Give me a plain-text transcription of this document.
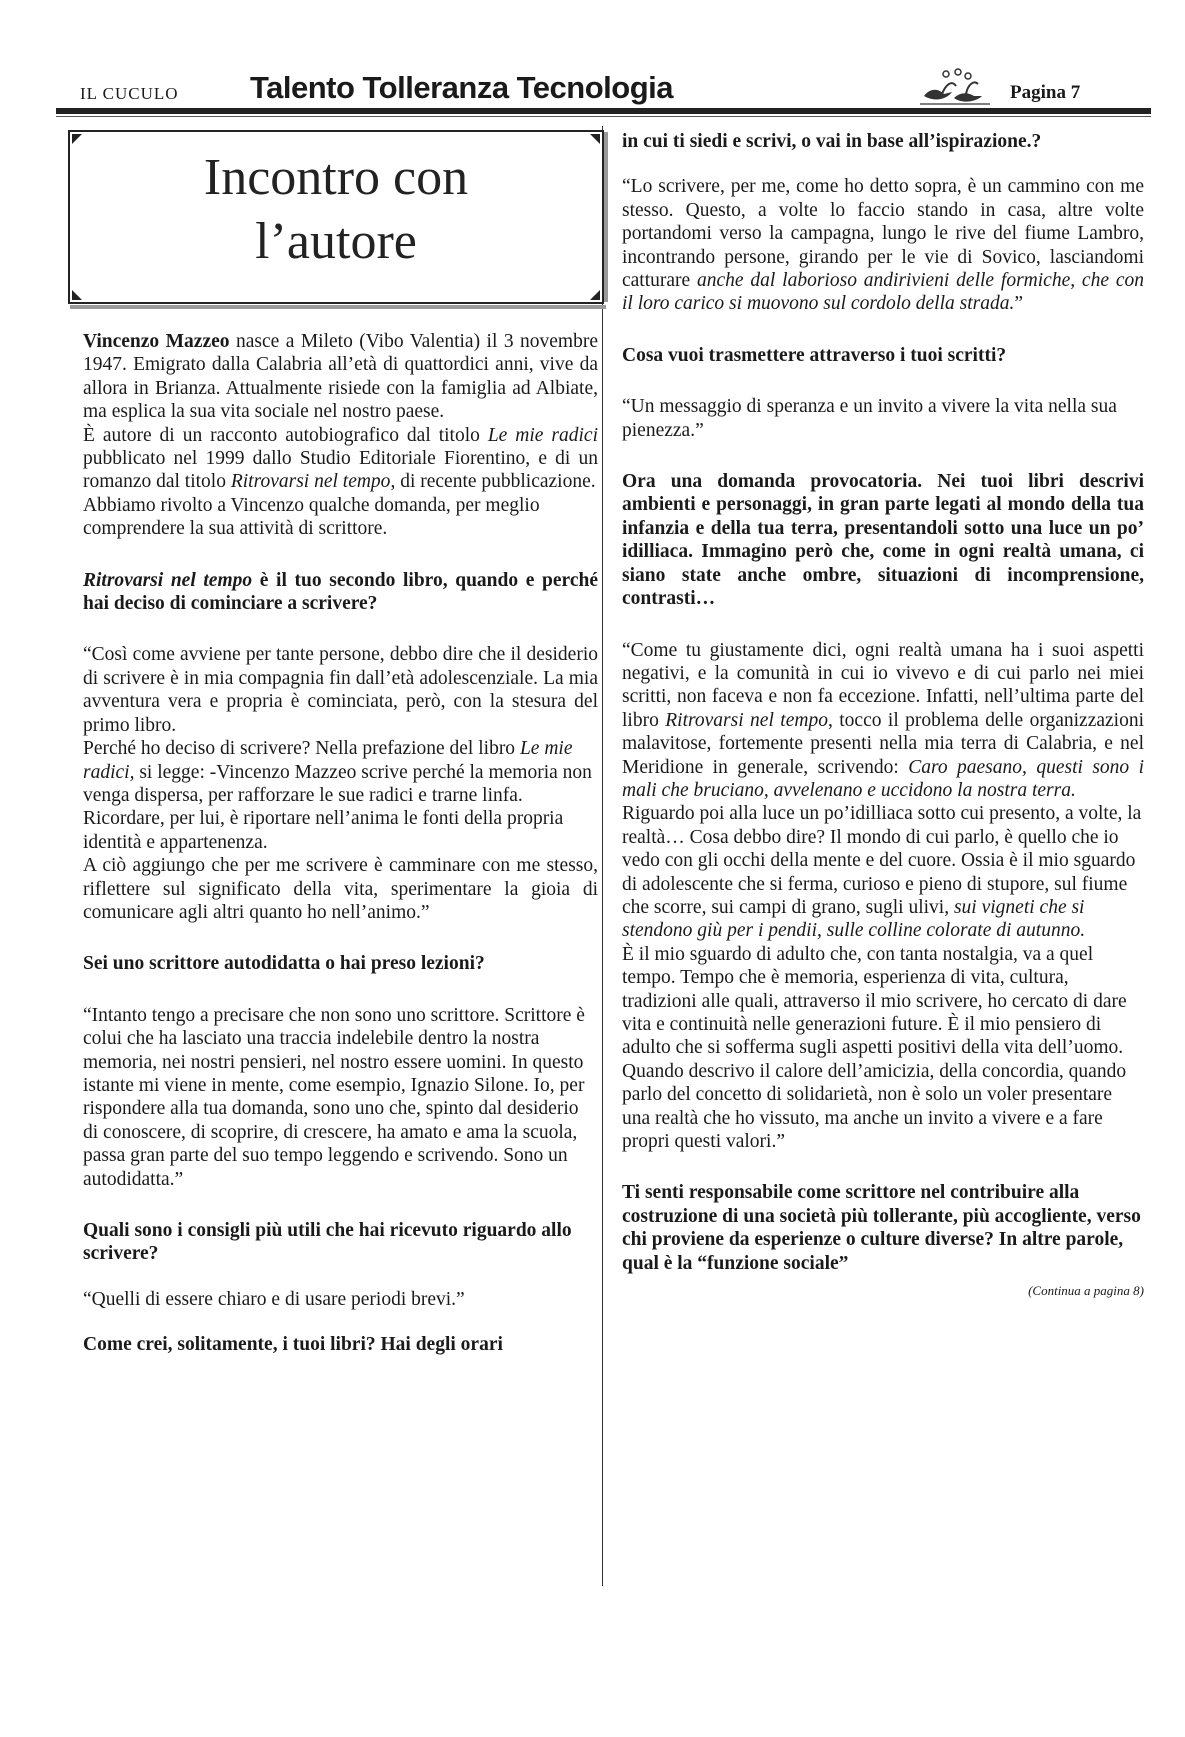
IL CUCULO Talento Tolleranza Tecnologia	Pagina 7
Incontro con
l’autore

Vincenzo Mazzeo nasce a Mileto (Vibo Valentia) il 3 novembre 1947. Emigrato dalla Calabria all’età di quattordici anni, vive da allora in Brianza. Attualmente risiede con la famiglia ad Albiate, ma esplica la sua vita sociale nel nostro paese.

È autore di un racconto autobiografico dal titolo Le mie radici pubblicato nel 1999 dallo Studio Editoriale Fiorentino, e di un romanzo dal titolo Ritrovarsi nel tempo, di recente pubblicazione.

Abbiamo rivolto a Vincenzo qualche domanda, per meglio comprendere la sua attività di scrittore.

Ritrovarsi nel tempo è il tuo secondo libro, quando e perché hai deciso di cominciare a scrivere?

“Così come avviene per tante persone, debbo dire che il desiderio di scrivere è in mia compagnia fin dall’età adolescenziale. La mia avventura vera e propria è cominciata, però, con la stesura del primo libro.

Perché ho deciso di scrivere? Nella prefazione del libro Le mie radici, si legge: -Vincenzo Mazzeo scrive perché la memoria non venga dispersa, per rafforzare le sue radici e trarne linfa. Ricordare, per lui, è riportare nell’anima le fonti della propria identità e appartenenza.

A ciò aggiungo che per me scrivere è camminare con me stesso, riflettere sul significato della vita, sperimentare la gioia di comunicare agli altri quanto ho nell’animo.”

Sei uno scrittore autodidatta o hai preso lezioni?

“Intanto tengo a precisare che non sono uno scrittore. Scrittore è colui che ha lasciato una traccia indelebile dentro la nostra memoria, nei nostri pensieri, nel nostro essere uomini. In questo istante mi viene in mente, come esempio, Ignazio Silone. Io, per rispondere alla tua domanda, sono uno che, spinto dal desiderio di conoscere, di scoprire, di crescere, ha amato e ama la scuola, passa gran parte del suo tempo leggendo e scrivendo. Sono un autodidatta.”

Quali sono i consigli più utili che hai ricevuto riguardo allo scrivere?

“Quelli di essere chiaro e di usare periodi brevi.”

Come crei, solitamente, i tuoi libri? Hai degli orari

in cui ti siedi e scrivi, o vai in base all’ispirazione.?

“Lo scrivere, per me, come ho detto sopra, è un cammino con me stesso. Questo, a volte lo faccio stando in casa, altre volte portandomi verso la campagna, lungo le rive del fiume Lambro, incontrando persone, girando per le vie di Sovico, lasciandomi catturare anche dal laborioso andirivieni delle formiche, che con il loro carico si muovono sul cordolo della strada.”

Cosa vuoi trasmettere attraverso i tuoi scritti?

“Un messaggio di speranza e un invito a vivere la vita nella sua pienezza.”

Ora una domanda provocatoria. Nei tuoi libri descrivi ambienti e personaggi, in gran parte legati al mondo della tua infanzia e della tua terra, presentandoli sotto una luce un po’ idilliaca. Immagino però che, come in ogni realtà umana, ci siano state anche ombre, situazioni di incomprensione, contrasti…

“Come tu giustamente dici, ogni realtà umana ha i suoi aspetti negativi, e la comunità in cui io vivevo e di cui parlo nei miei scritti, non faceva e non fa eccezione. Infatti, nell’ultima parte del libro Ritrovarsi nel tempo, tocco il problema delle organizzazioni malavitose, fortemente presenti nella mia terra di Calabria, e nel Meridione in generale, scrivendo: Caro paesano, questi sono i mali che bruciano, avvelenano e uccidono la nostra terra.

Riguardo poi alla luce un po’idilliaca sotto cui presento, a volte, la realtà… Cosa debbo dire? Il mondo di cui parlo, è quello che io vedo con gli occhi della mente e del cuore. Ossia è il mio sguardo di adolescente che si ferma, curioso e pieno di stupore, sul fiume che scorre, sui campi di grano, sugli ulivi, sui vigneti che si stendono giù per i pendii, sulle colline colorate di autunno.

È il mio sguardo di adulto che, con tanta nostalgia, va a quel tempo. Tempo che è memoria, esperienza di vita, cultura, tradizioni alle quali, attraverso il mio scrivere, ho cercato di dare vita e continuità nelle generazioni future. È il mio pensiero di adulto che si sofferma sugli aspetti positivi della vita dell’uomo. Quando descrivo il calore dell’amicizia, della concordia, quando parlo del concetto di solidarietà, non è solo un voler presentare una realtà che ho vissuto, ma anche un invito a vivere e a fare propri questi valori.”

Ti senti responsabile come scrittore nel contribuire alla costruzione di una società più tollerante, più accogliente, verso chi proviene da esperienze o culture diverse? In altre parole, qual è la “funzione sociale”

(Continua a pagina 8)
